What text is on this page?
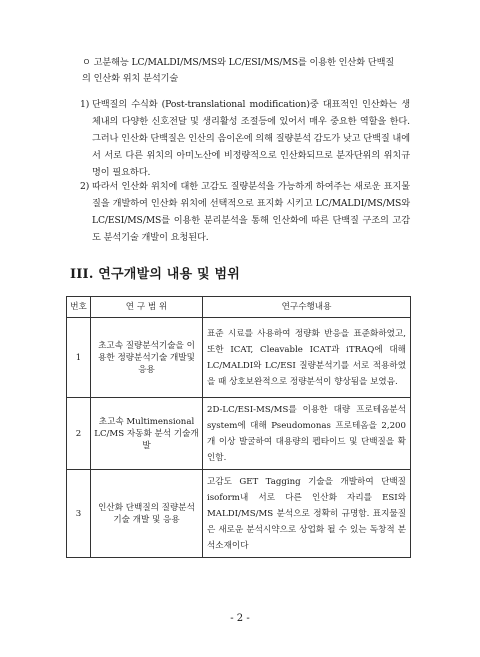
ㅇ 고분해능 LC/MALDI/MS/MS와 LC/ESI/MS/MS를 이용한 인산화 단백질의 인산화 위치 분석기술
1) 단백질의 수식화 (Post-translational modification)중 대표적인 인산화는 생체내의 다양한 신호전달 및 생리활성 조절등에 있어서 매우 중요한 역할을 한다. 그러나 인산화 단백질은 인산의 음이온에 의해 질량분석 감도가 낮고 단백질 내에서 서로 다른 위치의 아미노산에 비정량적으로 인산화되므로 분자단위의 위치규명이 필요하다.
2) 따라서 인산화 위치에 대한 고감도 질량분석을 가능하게 하여주는 새로운 표지물질을 개발하여 인산화 위치에 선택적으로 표지화 시키고 LC/MALDI/MS/MS와 LC/ESI/MS/MS를 이용한 분리분석을 통해 인산화에 따른 단백질 구조의 고감도 분석기술 개발이 요청된다.
III. 연구개발의 내용 및 범위
번호	연 구 범 위	연구수행내용
1	초고속 질량분석기술을 이용한 정량분석기술 개발및 응용	표준 시료를 사용하여 정량화 반응을 표준화하였고, 또한 ICAT, Cleavable ICAT과 iTRAQ에 대해 LC/MALDI와 LC/ESI 질량분석기를 서로 적용하였을 때 상호보완적으로 정량분석이 향상됨을 보였음.
2	초고속 Multimensional LC/MS 자동화 분석 기술개발	2D-LC/ESI-MS/MS를 이용한 대량 프로테옴분석 system에 대해 Pseudomonas 프로테옴을 2,200개 이상 발굴하여 대용량의 펩타이드 및 단백질을 확인함.
3	인산화 단백질의 질량분석 기술 개발 및 응용	고감도 GET Tagging 기술을 개발하여 단백질 isoform내 서로 다른 인산화 자리를 ESI와 MALDI/MS/MS 분석으로 정확히 규명함. 표지물질은 새로운 분석시약으로 상업화 될 수 있는 독창적 분석소재이다
- 2 -
